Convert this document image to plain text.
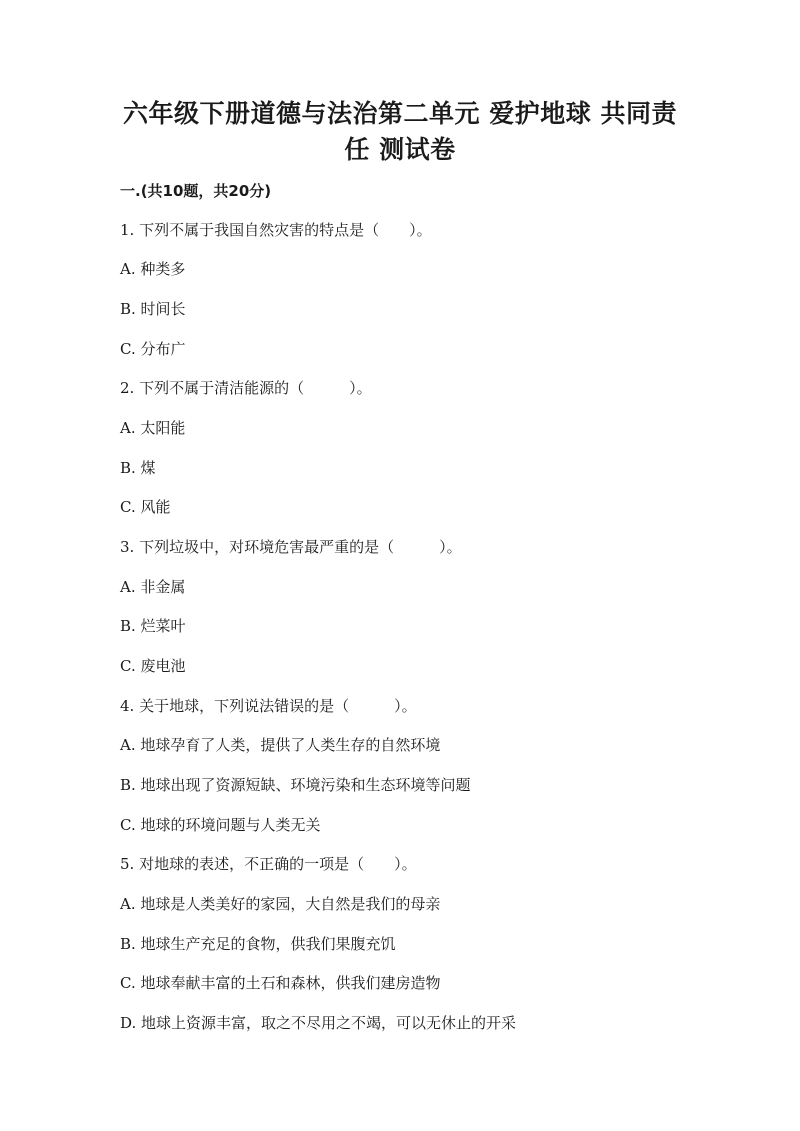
六年级下册道德与法治第二单元 爱护地球 共同责
任 测试卷
一.(共10题，共20分)
1. 下列不属于我国自然灾害的特点是（　　）。
A. 种类多
B. 时间长
C. 分布广
2. 下列不属于清洁能源的（　　　）。
A. 太阳能
B. 煤
C. 风能
3. 下列垃圾中，对环境危害最严重的是（　　　）。
A. 非金属
B. 烂菜叶
C. 废电池
4. 关于地球，下列说法错误的是（　　　）。
A. 地球孕育了人类，提供了人类生存的自然环境
B. 地球出现了资源短缺、环境污染和生态环境等问题
C. 地球的环境问题与人类无关
5. 对地球的表述，不正确的一项是（　　）。
A. 地球是人类美好的家园，大自然是我们的母亲
B. 地球生产充足的食物，供我们果腹充饥
C. 地球奉献丰富的土石和森林，供我们建房造物
D. 地球上资源丰富，取之不尽用之不竭，可以无休止的开采
